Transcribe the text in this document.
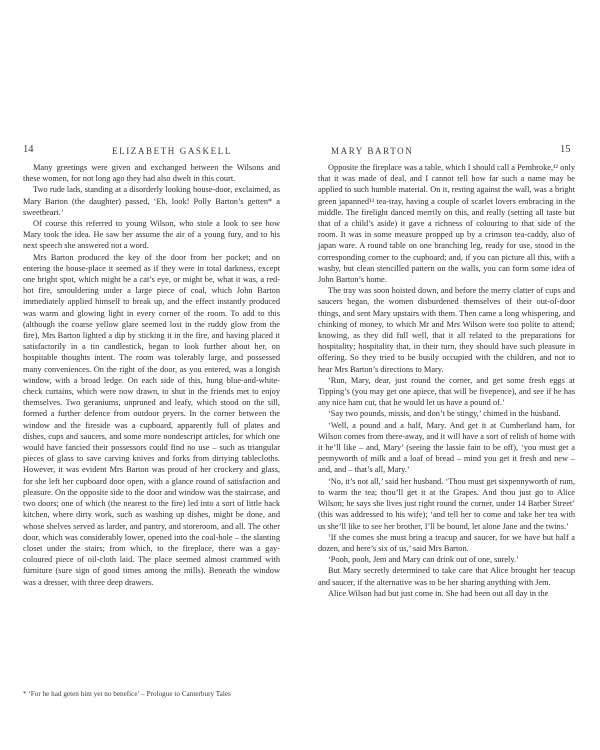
14	ELIZABETH GASKELL

Many greetings were given and exchanged between the Wilsons and these women, for not long ago they had also dwelt in this court.

Two rude lads, standing at a disorderly looking house-door, exclaimed, as Mary Barton (the daughter) passed, ‘Eh, look! Polly Barton’s getten* a sweetheart.’

Of course this referred to young Wilson, who stole a look to see how Mary took the idea. He saw her assume the air of a young fury, and to his next speech she answered not a word.

Mrs Barton produced the key of the door from her pocket; and on entering the house-place it seemed as if they were in total darkness, except one bright spot, which might be a cat’s eye, or might be, what it was, a red-hot fire, smouldering under a large piece of coal, which John Barton immediately applied himself to break up, and the effect instantly produced was warm and glowing light in every corner of the room. To add to this (although the coarse yellow glare seemed lost in the ruddy glow from the fire), Mrs Barton lighted a dip by sticking it in the fire, and having placed it satisfactorily in a tin candlestick, began to look further about her, on hospitable thoughts intent. The room was tolerably large, and possessed many conveniences. On the right of the door, as you entered, was a longish window, with a broad ledge. On each side of this, hung blue-and-white-check curtains, which were now drawn, to shut in the friends met to enjoy themselves. Two geraniums, unpruned and leafy, which stood on the sill, formed a further defence from outdoor pryers. In the corner between the window and the fireside was a cupboard, apparently full of plates and dishes, cups and saucers, and some more nondescript articles, for which one would have fancied their possessors could find no use – such as triangular pieces of glass to save carving knives and forks from dirtying tablecloths. However, it was evident Mrs Barton was proud of her crockery and glass, for she left her cupboard door open, with a glance round of satisfaction and pleasure. On the opposite side to the door and window was the staircase, and two doors; one of which (the nearest to the fire) led into a sort of little back kitchen, where dirty work, such as washing up dishes, might be done, and whose shelves served as larder, and pantry, and storeroom, and all. The other door, which was considerably lower, opened into the coal-hole – the slanting closet under the stairs; from which, to the fireplace, there was a gay-coloured piece of oil-cloth laid. The place seemed almost crammed with furniture (sure sign of good times among the mills). Beneath the window was a dresser, with three deep drawers.

* ‘For he had geten him yet no benefice’ – Prologue to Canterbury Tales
MARY BARTON	15

Opposite the fireplace was a table, which I should call a Pembroke,¹² only that it was made of deal, and I cannot tell how far such a name may be applied to such humble material. On it, resting against the wall, was a bright green japanned¹³ tea-tray, having a couple of scarlet lovers embracing in the middle. The firelight danced merrily on this, and really (setting all taste but that of a child’s aside) it gave a richness of colouring to that side of the room. It was in some measure propped up by a crimson tea-caddy, also of japan ware. A round table on one branching leg, ready for use, stood in the corresponding corner to the cupboard; and, if you can picture all this, with a washy, but clean stencilled pattern on the walls, you can form some idea of John Barton’s home.

The tray was soon hoisted down, and before the merry clatter of cups and saucers began, the women disburdened themselves of their out-of-door things, and sent Mary upstairs with them. Then came a long whispering, and chinking of money, to which Mr and Mrs Wilson were too polite to attend; knowing, as they did full well, that it all related to the preparations for hospitality; hospitality that, in their turn, they should have such pleasure in offering. So they tried to be busily occupied with the children, and not to hear Mrs Barton’s directions to Mary.

‘Run, Mary, dear, just round the corner, and get some fresh eggs at Tipping’s (you may get one apiece, that will be fivepence), and see if he has any nice ham cut, that he would let us have a pound of.’

‘Say two pounds, missis, and don’t be stingy,’ chimed in the husband.

‘Well, a pound and a half, Mary. And get it at Cumberland ham, for Wilson comes from there-away, and it will have a sort of relish of home with it he’ll like – and, Mary’ (seeing the lassie fain to be off), ‘you must get a pennyworth of milk and a loaf of bread – mind you get it fresh and new – and, and – that’s all, Mary.’

‘No, it’s not all,’ said her husband. ‘Thou must get sixpennyworth of rum, to warm the tea; thou’ll get it at the Grapes. And thou just go to Alice Wilson; he says she lives just right round the corner, under 14 Barber Street’ (this was addressed to his wife); ‘and tell her to come and take her tea with us she’ll like to see her brother, I’ll be bound, let alone Jane and the twins.’

‘If she comes she must bring a teacup and saucer, for we have but half a dozen, and here’s six of us,’ said Mrs Barton.

‘Pooh, pooh, Jem and Mary can drink out of one, surely.’

But Mary secretly determined to take care that Alice brought her teacup and saucer, if the alternative was to be her sharing anything with Jem.

Alice Wilson had but just come in. She had been out all day in the
